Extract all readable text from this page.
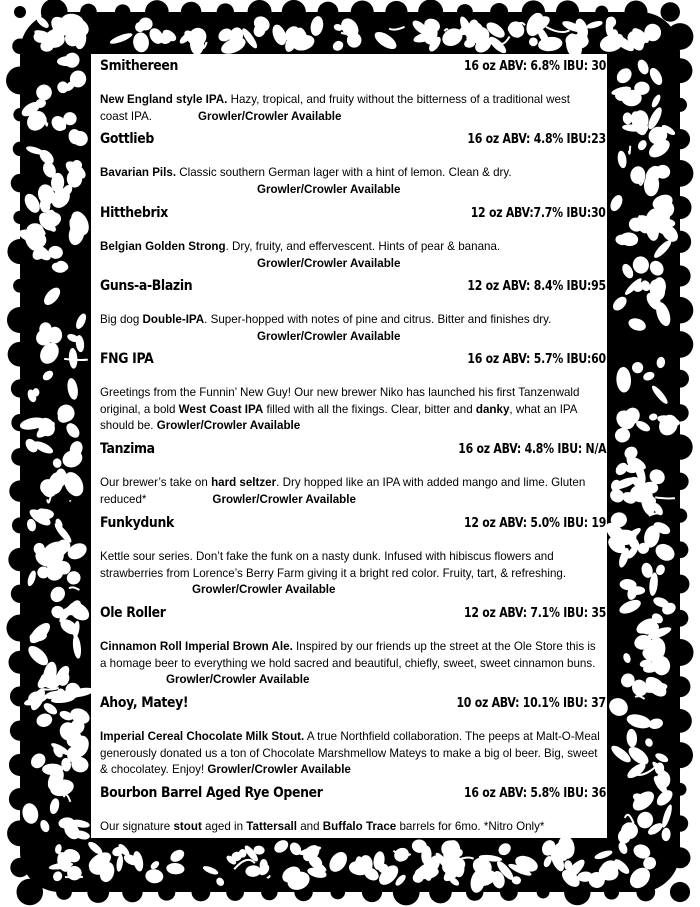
Smithereen	16 oz ABV: 6.8% IBU: 30
New England style IPA. Hazy, tropical, and fruity without the bitterness of a traditional west coast IPA.	Growler/Crowler Available
Gottlieb	16 oz ABV: 4.8% IBU:23
Bavarian Pils. Classic southern German lager with a hint of lemon. Clean & dry.
Growler/Crowler Available
Hitthebrix	12 oz ABV:7.7% IBU:30
Belgian Golden Strong. Dry, fruity, and effervescent. Hints of pear & banana.
Growler/Crowler Available
Guns-a-Blazin	12 oz ABV: 8.4% IBU:95
Big dog Double-IPA. Super-hopped with notes of pine and citrus. Bitter and finishes dry.
Growler/Crowler Available
FNG IPA	16 oz ABV: 5.7% IBU:60
Greetings from the Funnin’ New Guy! Our new brewer Niko has launched his first Tanzenwald original, a bold West Coast IPA filled with all the fixings. Clear, bitter and danky, what an IPA should be. Growler/Crowler Available
Tanzima	16 oz ABV: 4.8% IBU: N/A
Our brewer’s take on hard seltzer. Dry hopped like an IPA with added mango and lime. Gluten reduced*	Growler/Crowler Available
Funkydunk	12 oz ABV: 5.0% IBU: 19
Kettle sour series. Don’t fake the funk on a nasty dunk. Infused with hibiscus flowers and strawberries from Lorence’s Berry Farm giving it a bright red color. Fruity, tart, & refreshing.Growler/Crowler Available
Ole Roller	12 oz ABV: 7.1% IBU: 35
Cinnamon Roll Imperial Brown Ale. Inspired by our friends up the street at the Ole Store this is a homage beer to everything we hold sacred and beautiful, chiefly, sweet, sweet cinnamon buns.Growler/Crowler Available
Ahoy, Matey!	10 oz ABV: 10.1% IBU: 37
Imperial Cereal Chocolate Milk Stout. A true Northfield collaboration. The peeps at Malt-O-Meal generously donated us a ton of Chocolate Marshmellow Mateys to make a big ol beer. Big, sweet & chocolatey. Enjoy! Growler/Crowler Available
Bourbon Barrel Aged Rye Opener	16 oz ABV: 5.8% IBU: 36
Our signature stout aged in Tattersall and Buffalo Trace barrels for 6mo. *Nitro Only*
